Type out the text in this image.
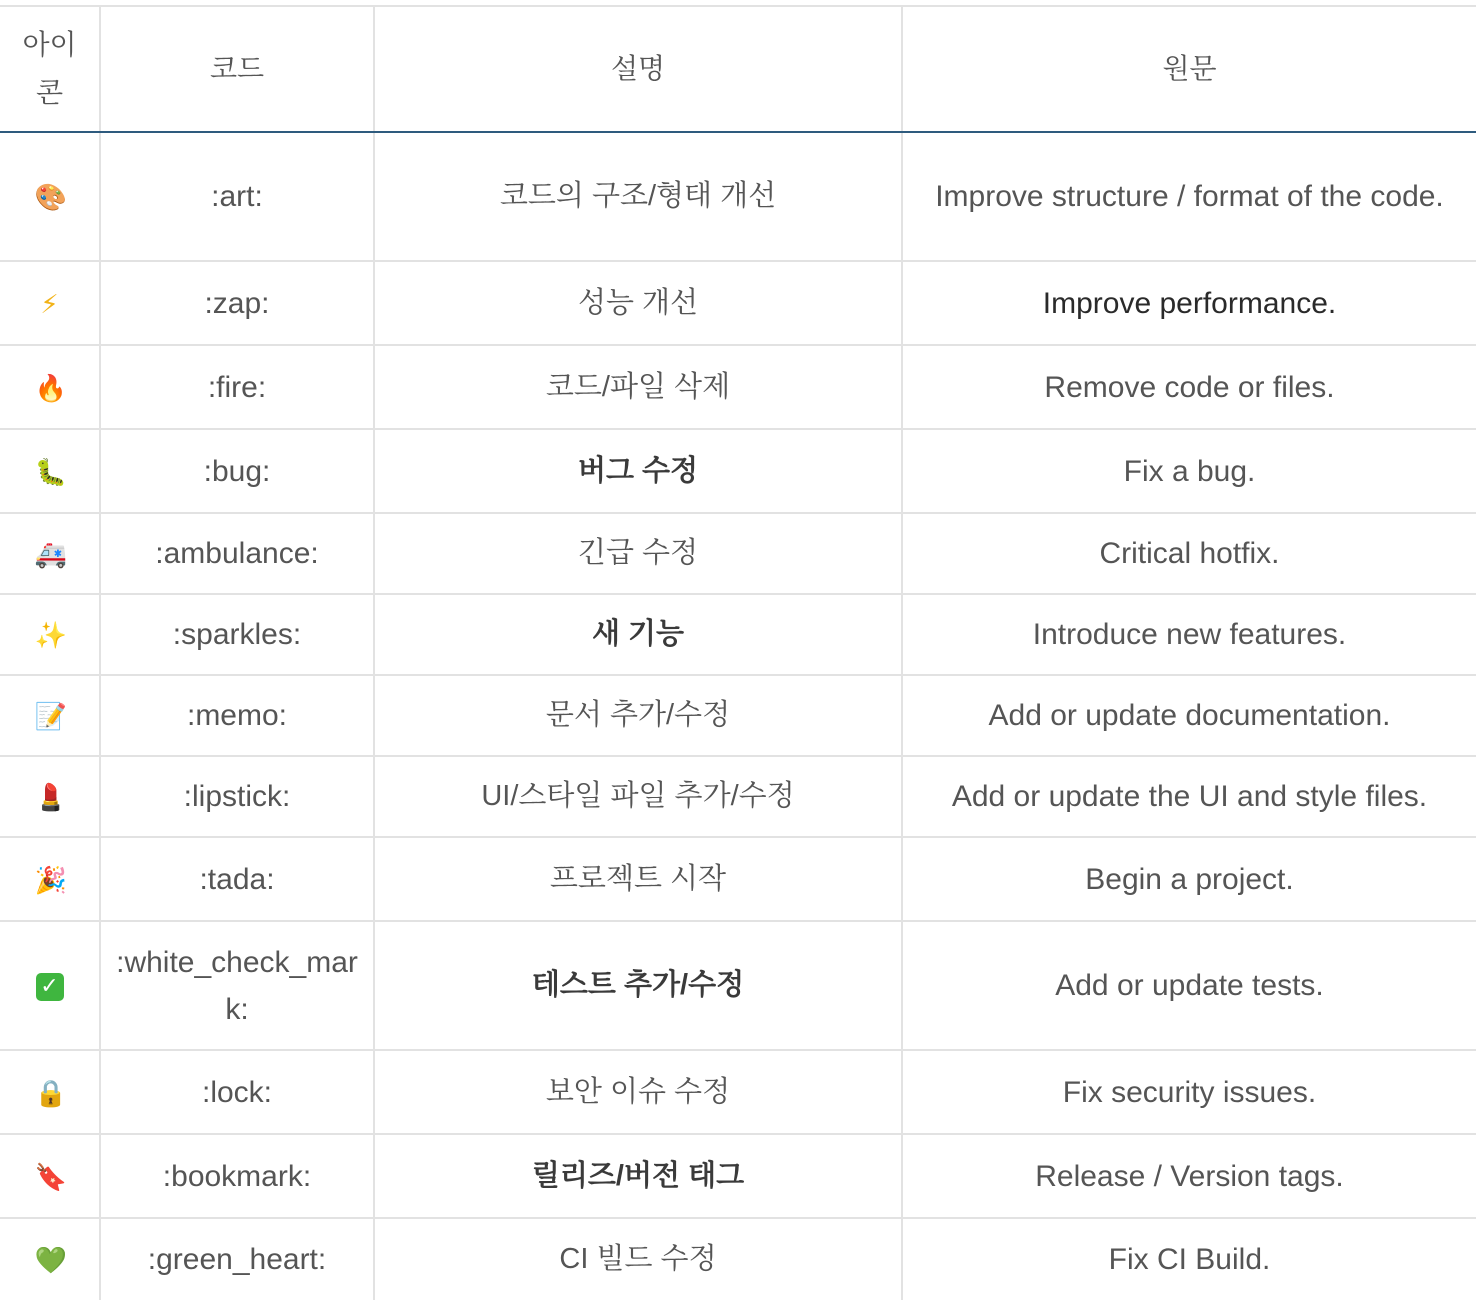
아이콘	코드	설명	원문
🎨	:art:	코드의 구조/형태 개선	Improve structure / format of the code.
⚡	:zap:	성능 개선	Improve performance.
🔥	:fire:	코드/파일 삭제	Remove code or files.
🐛	:bug:	버그 수정	Fix a bug.
🚑	:ambulance:	긴급 수정	Critical hotfix.
✨	:sparkles:	새 기능	Introduce new features.
📝	:memo:	문서 추가/수정	Add or update documentation.
💄	:lipstick:	UI/스타일 파일 추가/수정	Add or update the UI and style files.
🎉	:tada:	프로젝트 시작	Begin a project.
✓	:white_check_mark:	테스트 추가/수정	Add or update tests.
🔒	:lock:	보안 이슈 수정	Fix security issues.
🔖	:bookmark:	릴리즈/버전 태그	Release / Version tags.
💚	:green_heart:	CI 빌드 수정	Fix CI Build.
